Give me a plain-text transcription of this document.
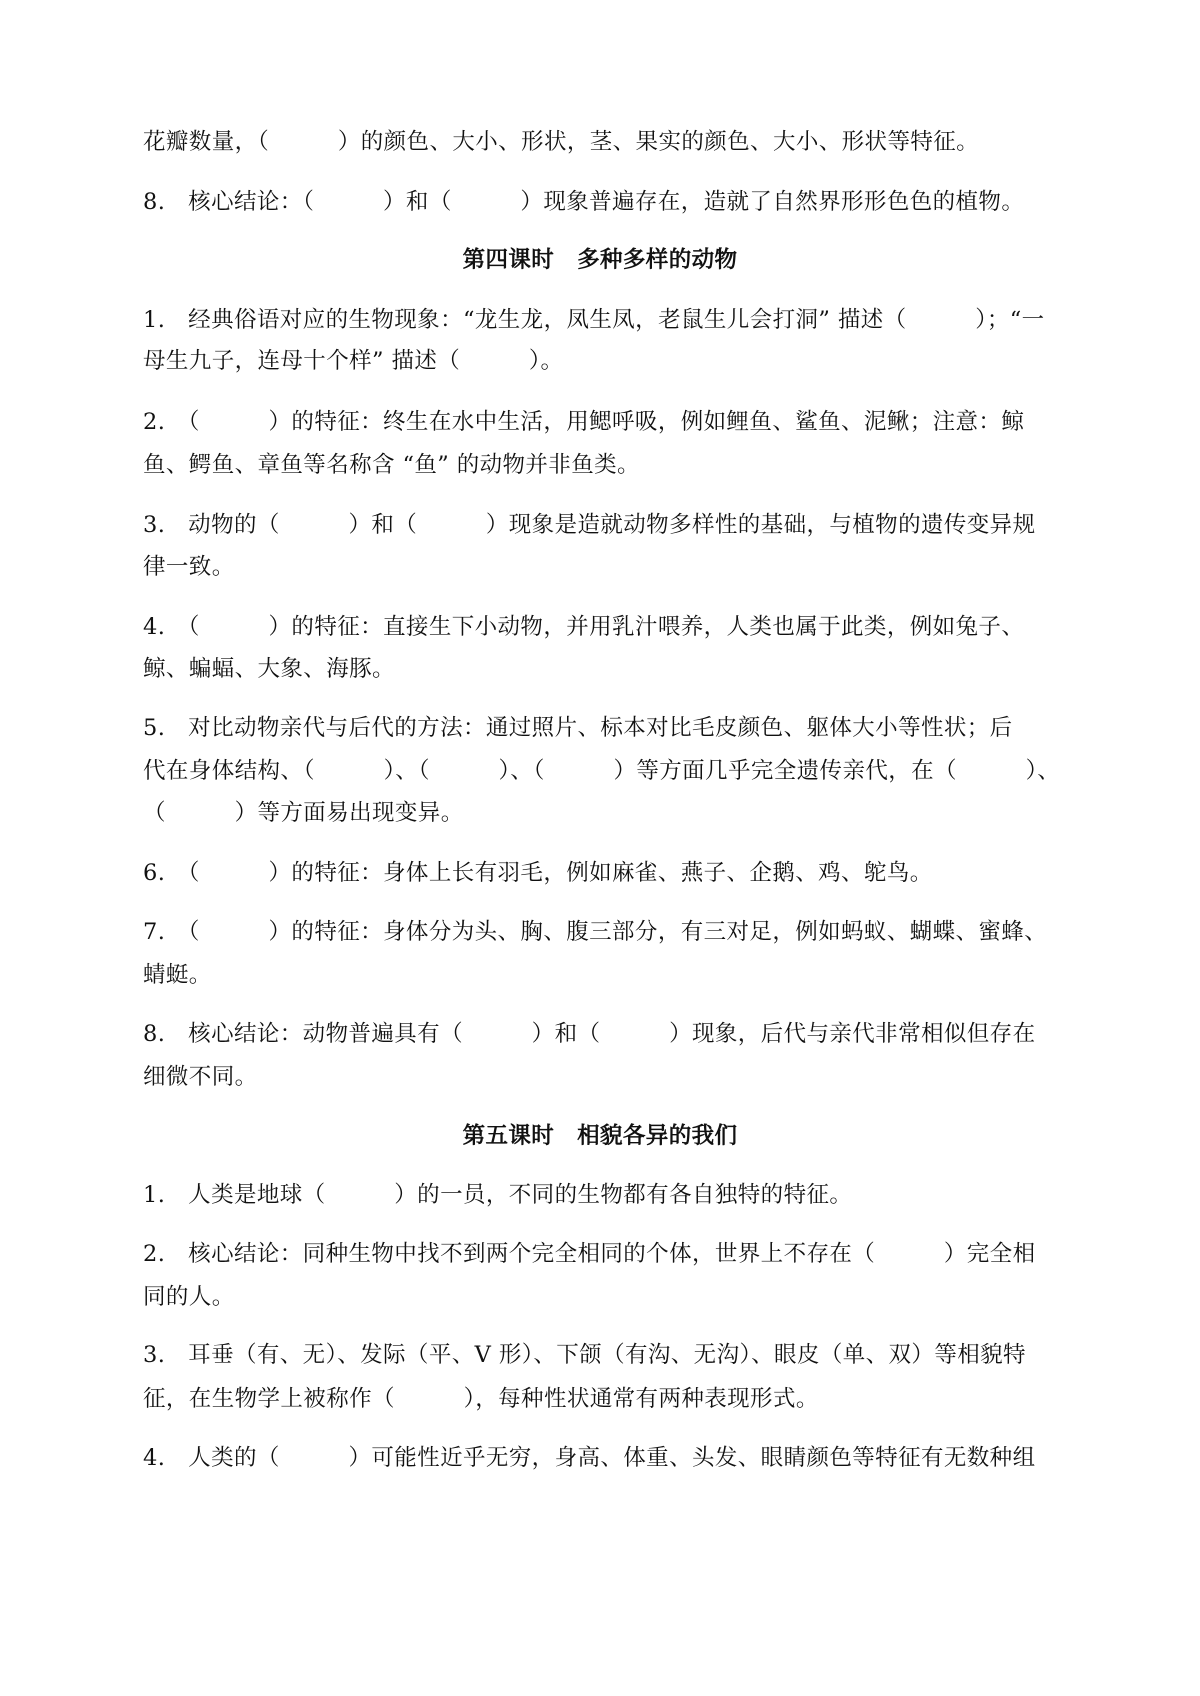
花瓣数量，（　　　）的颜色、大小、形状，茎、果实的颜色、大小、形状等特征。
8.　核心结论：（　　　）和（　　　）现象普遍存在，造就了自然界形形色色的植物。
第四课时　多种多样的动物
1.　经典俗语对应的生物现象：“龙生龙，凤生凤，老鼠生儿会打洞” 描述（　　　）；“一
母生九子，连母十个样” 描述（　　　）。
2.　（　　　）的特征：终生在水中生活，用鳃呼吸，例如鲤鱼、鲨鱼、泥鳅；注意：鲸
鱼、鳄鱼、章鱼等名称含 “鱼” 的动物并非鱼类。
3.　动物的（　　　）和（　　　）现象是造就动物多样性的基础，与植物的遗传变异规
律一致。
4.　（　　　）的特征：直接生下小动物，并用乳汁喂养，人类也属于此类，例如兔子、
鲸、蝙蝠、大象、海豚。
5.　对比动物亲代与后代的方法：通过照片、标本对比毛皮颜色、躯体大小等性状；后
代在身体结构、（　　　）、（　　　）、（　　　）等方面几乎完全遗传亲代，在（　　　）、
（　　　）等方面易出现变异。
6.　（　　　）的特征：身体上长有羽毛，例如麻雀、燕子、企鹅、鸡、鸵鸟。
7.　（　　　）的特征：身体分为头、胸、腹三部分，有三对足，例如蚂蚁、蝴蝶、蜜蜂、
蜻蜓。
8.　核心结论：动物普遍具有（　　　）和（　　　）现象，后代与亲代非常相似但存在
细微不同。
第五课时　相貌各异的我们
1.　人类是地球（　　　）的一员，不同的生物都有各自独特的特征。
2.　核心结论：同种生物中找不到两个完全相同的个体，世界上不存在（　　　）完全相
同的人。
3.　耳垂（有、无）、发际（平、V 形）、下颌（有沟、无沟）、眼皮（单、双）等相貌特
征，在生物学上被称作（　　　），每种性状通常有两种表现形式。
4.　人类的（　　　）可能性近乎无穷，身高、体重、头发、眼睛颜色等特征有无数种组
